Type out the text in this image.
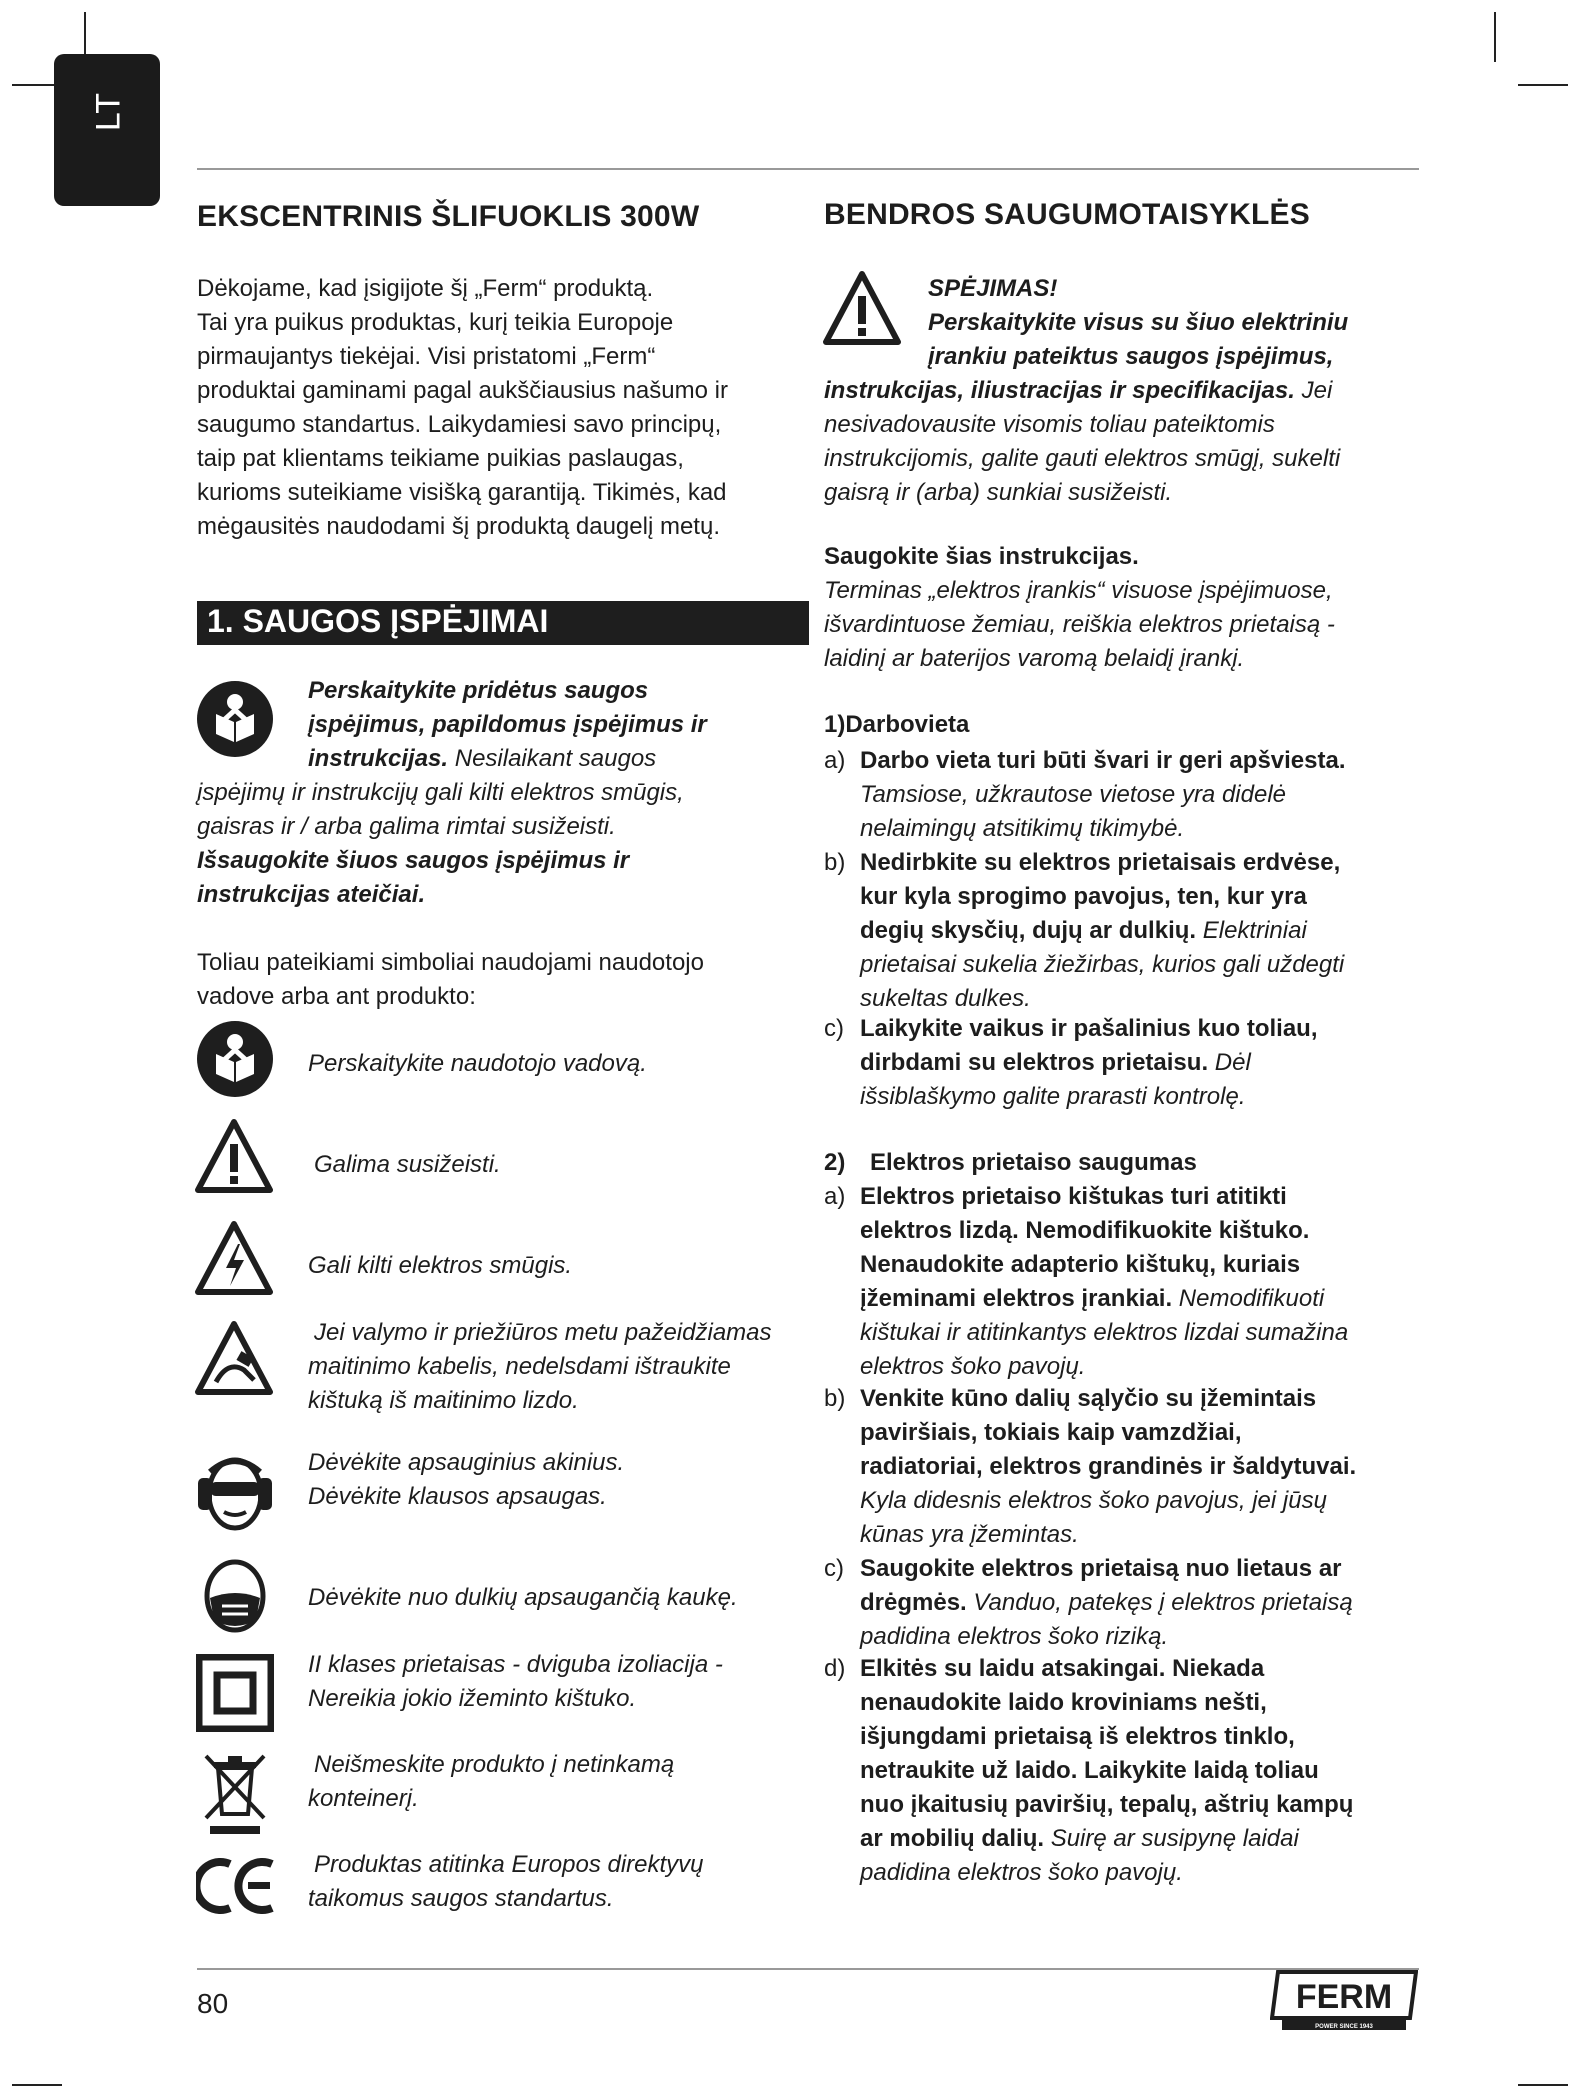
LT
EKSCENTRINIS ŠLIFUOKLIS 300W
Dėkojame, kad įsigijote šį „Ferm“ produktą.
Tai yra puikus produktas, kurį teikia Europoje
pirmaujantys tiekėjai. Visi pristatomi „Ferm“
produktai gaminami pagal aukščiausius našumo ir
saugumo standartus. Laikydamiesi savo principų,
taip pat klientams teikiame puikias paslaugas,
kurioms suteikiame visišką garantiją. Tikimės, kad
mėgausitės naudodami šį produktą daugelį metų.
1. SAUGOS ĮSPĖJIMAI
Perskaitykite pridėtus saugos
įspėjimus, papildomus įspėjimus ir
instrukcijas. Nesilaikant saugos
įspėjimų ir instrukcijų gali kilti elektros smūgis,
gaisras ir / arba galima rimtai susižeisti.
Išsaugokite šiuos saugos įspėjimus ir
instrukcijas ateičiai.
Toliau pateikiami simboliai naudojami naudotojo
vadove arba ant produkto:
Perskaitykite naudotojo vadovą.
Galima susižeisti.
Gali kilti elektros smūgis.
Jei valymo ir priežiūros metu pažeidžiamas
maitinimo kabelis, nedelsdami ištraukite
kištuką iš maitinimo lizdo.
Dėvėkite apsauginius akinius.
Dėvėkite klausos apsaugas.
Dėvėkite nuo dulkių apsaugančią kaukę.
II klases prietaisas - dviguba izoliacija -
Nereikia jokio ižeminto kištuko.
Neišmeskite produkto į netinkamą
konteinerį.
Produktas atitinka Europos direktyvų
taikomus saugos standartus.
BENDROS SAUGUMOTAISYKLĖS
SPĖJIMAS!
Perskaitykite visus su šiuo elektriniu
įrankiu pateiktus saugos įspėjimus,
instrukcijas, iliustracijas ir specifikacijas. Jei
nesivadovausite visomis toliau pateiktomis
instrukcijomis, galite gauti elektros smūgį, sukelti
gaisrą ir (arba) sunkiai susižeisti.
Saugokite šias instrukcijas.
Terminas „elektros įrankis“ visuose įspėjimuose,
išvardintuose žemiau, reiškia elektros prietaisą -
laidinį ar baterijos varomą belaidį įrankį.
1)Darbovieta
a) Darbo vieta turi būti švari ir geri apšviesta.
Tamsiose, užkrautose vietose yra didelė
nelaimingų atsitikimų tikimybė.
b) Nedirbkite su elektros prietaisais erdvėse,
kur kyla sprogimo pavojus, ten, kur yra
degių skysčių, dujų ar dulkių. Elektriniai
prietaisai sukelia žiežirbas, kurios gali uždegti
sukeltas dulkes.
c) Laikykite vaikus ir pašalinius kuo toliau,
dirbdami su elektros prietaisu. Dėl
išsiblaškymo galite prarasti kontrolę.
2) Elektros prietaiso saugumas
a) Elektros prietaiso kištukas turi atitikti
elektros lizdą. Nemodifikuokite kištuko.
Nenaudokite adapterio kištukų, kuriais
įžeminami elektros įrankiai. Nemodifikuoti
kištukai ir atitinkantys elektros lizdai sumažina
elektros šoko pavojų.
b) Venkite kūno dalių sąlyčio su įžemintais
paviršiais, tokiais kaip vamzdžiai,
radiatoriai, elektros grandinės ir šaldytuvai.
Kyla didesnis elektros šoko pavojus, jei jūsų
kūnas yra įžemintas.
c) Saugokite elektros prietaisą nuo lietaus ar
drėgmės. Vanduo, patekęs į elektros prietaisą
padidina elektros šoko riziką.
d) Elkitės su laidu atsakingai. Niekada
nenaudokite laido kroviniams nešti,
išjungdami prietaisą iš elektros tinklo,
netraukite už laido. Laikykite laidą toliau
nuo įkaitusių paviršių, tepalų, aštrių kampų
ar mobilių dalių. Suirę ar susipynę laidai
padidina elektros šoko pavojų.
80	FERM
POWER SINCE 1943
